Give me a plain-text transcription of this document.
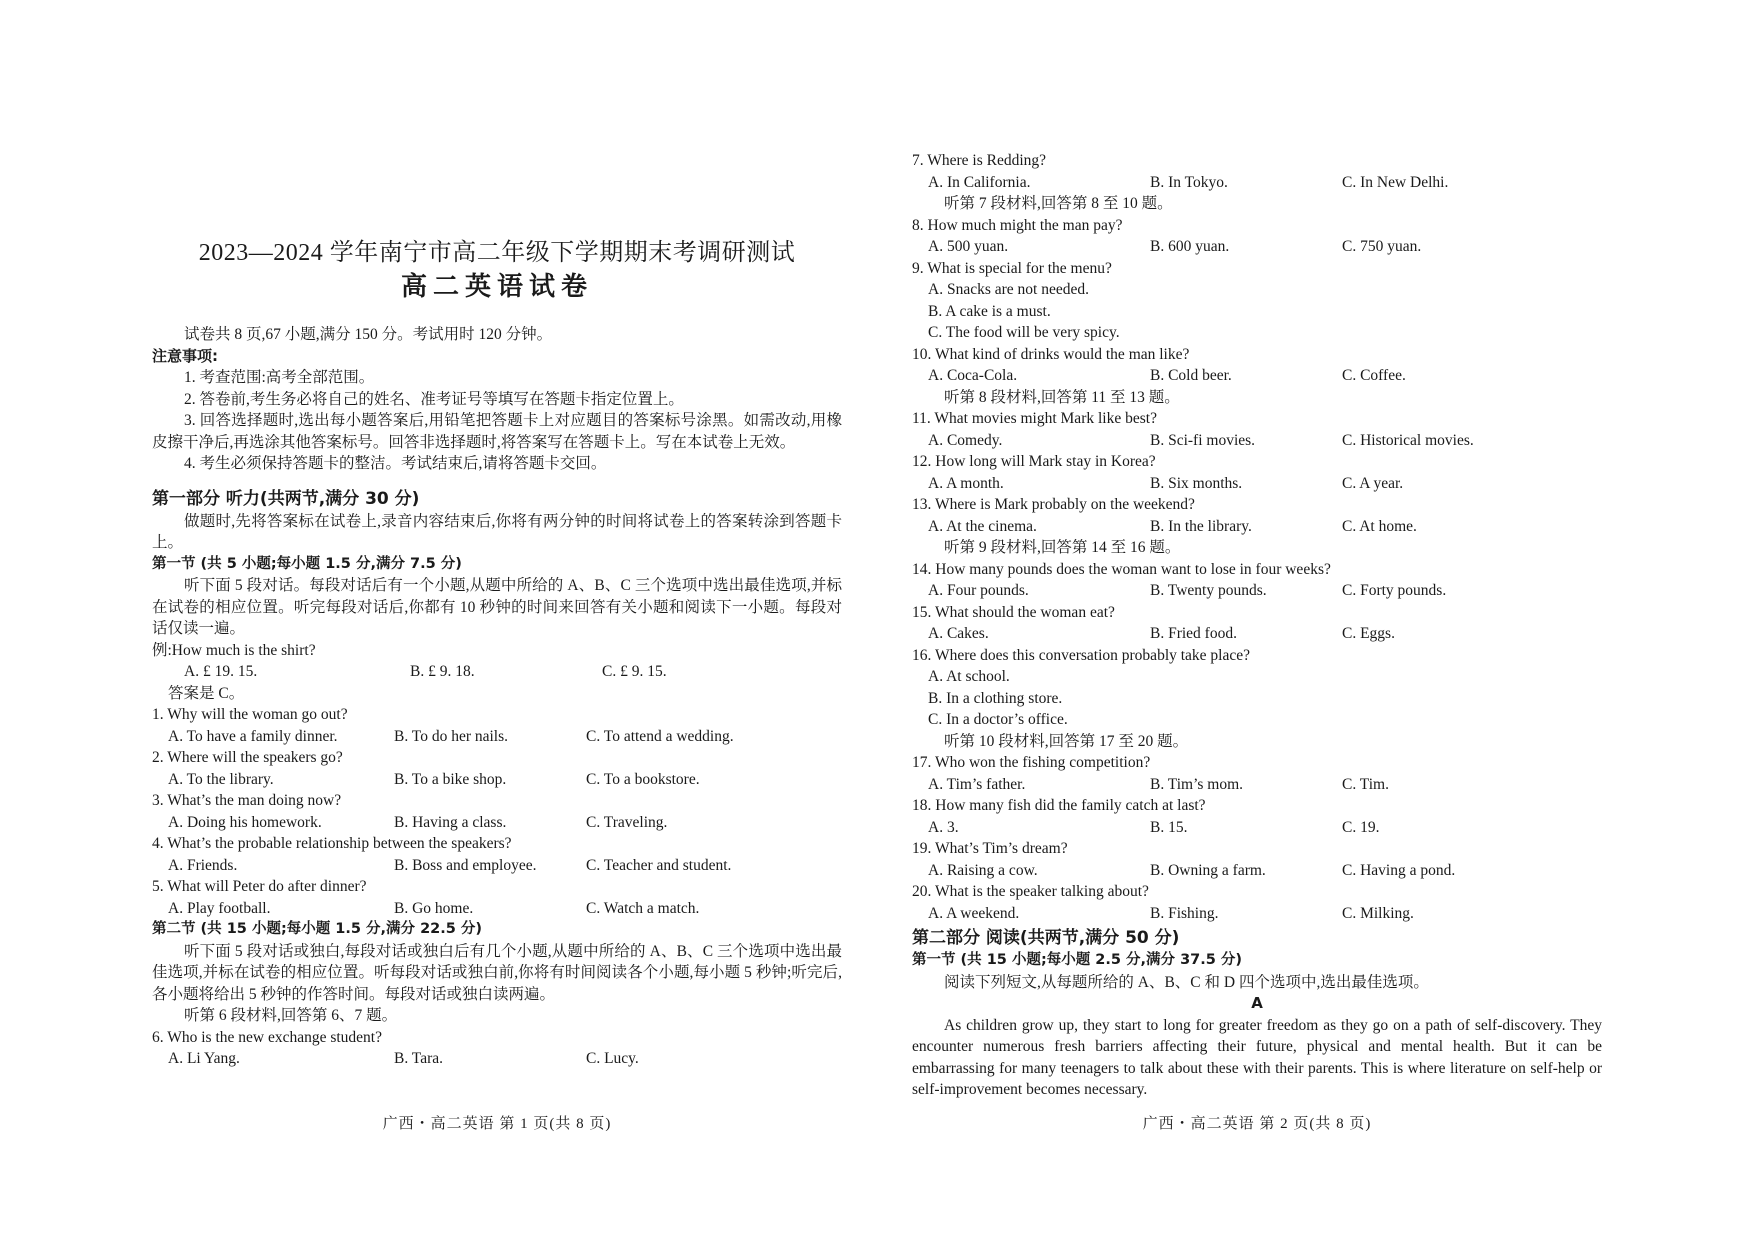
2023—2024 学年南宁市高二年级下学期期末考调研测试
高二英语试卷
试卷共 8 页,67 小题,满分 150 分。考试用时 120 分钟。
注意事项:
1. 考查范围:高考全部范围。
2. 答卷前,考生务必将自己的姓名、准考证号等填写在答题卡指定位置上。
3. 回答选择题时,选出每小题答案后,用铅笔把答题卡上对应题目的答案标号涂黑。如需改动,用橡皮擦干净后,再选涂其他答案标号。回答非选择题时,将答案写在答题卡上。写在本试卷上无效。
4. 考生必须保持答题卡的整洁。考试结束后,请将答题卡交回。
第一部分 听力(共两节,满分 30 分)
做题时,先将答案标在试卷上,录音内容结束后,你将有两分钟的时间将试卷上的答案转涂到答题卡上。
第一节 (共 5 小题;每小题 1.5 分,满分 7.5 分)
听下面 5 段对话。每段对话后有一个小题,从题中所给的 A、B、C 三个选项中选出最佳选项,并标在试卷的相应位置。听完每段对话后,你都有 10 秒钟的时间来回答有关小题和阅读下一小题。每段对话仅读一遍。
例:How much is the shirt?
A. £ 19. 15.	B. £ 9. 18.	C. £ 9. 15.
答案是 C。
1. Why will the woman go out?
A. To have a family dinner.	B. To do her nails.	C. To attend a wedding.
2. Where will the speakers go?
A. To the library.	B. To a bike shop.	C. To a bookstore.
3. What’s the man doing now?
A. Doing his homework.	B. Having a class.	C. Traveling.
4. What’s the probable relationship between the speakers?
A. Friends.	B. Boss and employee.	C. Teacher and student.
5. What will Peter do after dinner?
A. Play football.	B. Go home.	C. Watch a match.
第二节 (共 15 小题;每小题 1.5 分,满分 22.5 分)
听下面 5 段对话或独白,每段对话或独白后有几个小题,从题中所给的 A、B、C 三个选项中选出最佳选项,并标在试卷的相应位置。听每段对话或独白前,你将有时间阅读各个小题,每小题 5 秒钟;听完后,各小题将给出 5 秒钟的作答时间。每段对话或独白读两遍。
听第 6 段材料,回答第 6、7 题。
6. Who is the new exchange student?
A. Li Yang.	B. Tara.	C. Lucy.
广西・高二英语 第 1 页(共 8 页)
7. Where is Redding?
A. In California.	B. In Tokyo.	C. In New Delhi.
听第 7 段材料,回答第 8 至 10 题。
8. How much might the man pay?
A. 500 yuan.	B. 600 yuan.	C. 750 yuan.
9. What is special for the menu?
A. Snacks are not needed.
B. A cake is a must.
C. The food will be very spicy.
10. What kind of drinks would the man like?
A. Coca-Cola.	B. Cold beer.	C. Coffee.
听第 8 段材料,回答第 11 至 13 题。
11. What movies might Mark like best?
A. Comedy.	B. Sci-fi movies.	C. Historical movies.
12. How long will Mark stay in Korea?
A. A month.	B. Six months.	C. A year.
13. Where is Mark probably on the weekend?
A. At the cinema.	B. In the library.	C. At home.
听第 9 段材料,回答第 14 至 16 题。
14. How many pounds does the woman want to lose in four weeks?
A. Four pounds.	B. Twenty pounds.	C. Forty pounds.
15. What should the woman eat?
A. Cakes.	B. Fried food.	C. Eggs.
16. Where does this conversation probably take place?
A. At school.
B. In a clothing store.
C. In a doctor’s office.
听第 10 段材料,回答第 17 至 20 题。
17. Who won the fishing competition?
A. Tim’s father.	B. Tim’s mom.	C. Tim.
18. How many fish did the family catch at last?
A. 3.	B. 15.	C. 19.
19. What’s Tim’s dream?
A. Raising a cow.	B. Owning a farm.	C. Having a pond.
20. What is the speaker talking about?
A. A weekend.	B. Fishing.	C. Milking.
第二部分 阅读(共两节,满分 50 分)
第一节 (共 15 小题;每小题 2.5 分,满分 37.5 分)
阅读下列短文,从每题所给的 A、B、C 和 D 四个选项中,选出最佳选项。
A
As children grow up, they start to long for greater freedom as they go on a path of self-discovery. They encounter numerous fresh barriers affecting their future, physical and mental health. But it can be embarrassing for many teenagers to talk about these with their parents. This is where literature on self-help or self-improvement becomes necessary.
广西・高二英语 第 2 页(共 8 页)
